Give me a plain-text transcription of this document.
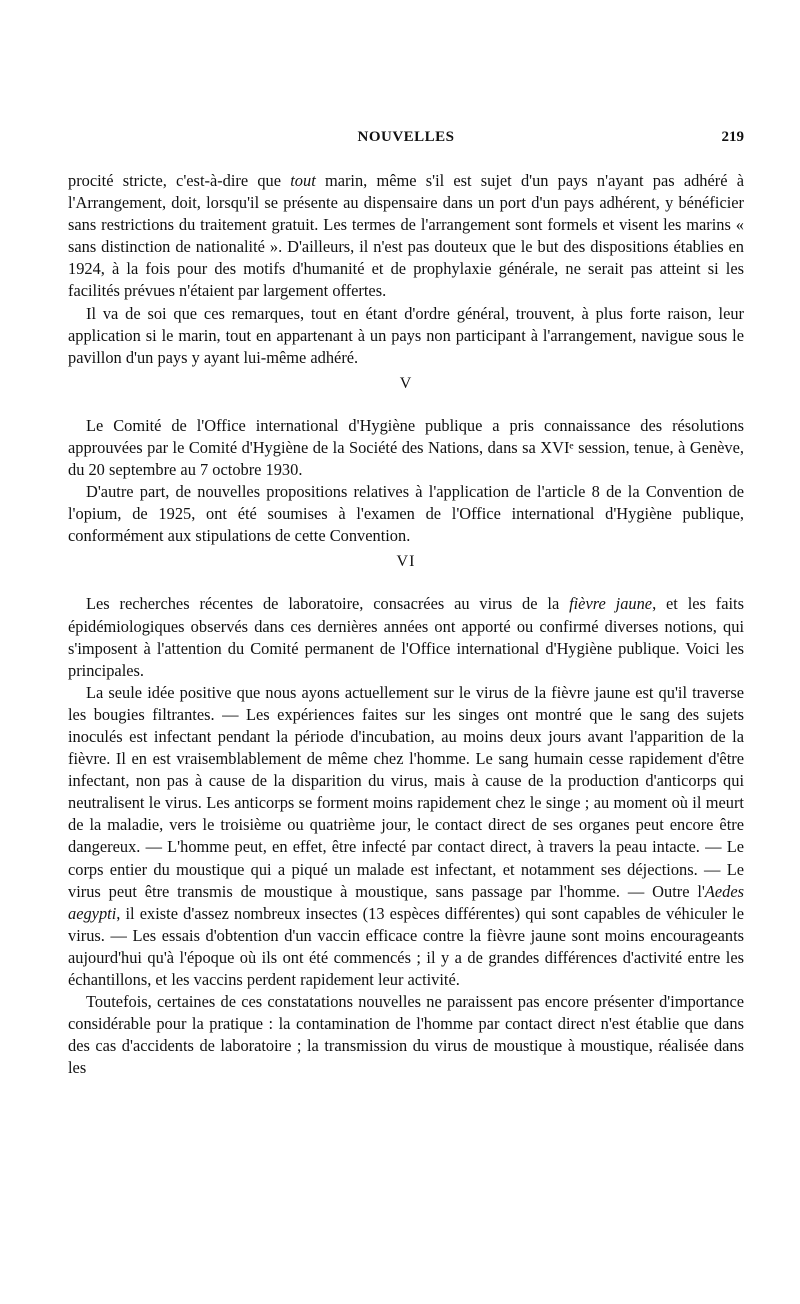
NOUVELLES	219

procité stricte, c'est-à-dire que tout marin, même s'il est sujet d'un pays n'ayant pas adhéré à l'Arrangement, doit, lorsqu'il se présente au dispensaire dans un port d'un pays adhérent, y bénéficier sans restrictions du traitement gratuit. Les termes de l'arrangement sont formels et visent les marins « sans distinction de nationalité ». D'ailleurs, il n'est pas douteux que le but des dispositions établies en 1924, à la fois pour des motifs d'humanité et de prophylaxie générale, ne serait pas atteint si les facilités prévues n'étaient par largement offertes.

Il va de soi que ces remarques, tout en étant d'ordre général, trouvent, à plus forte raison, leur application si le marin, tout en appartenant à un pays non participant à l'arrangement, navigue sous le pavillon d'un pays y ayant lui-même adhéré.

V

Le Comité de l'Office international d'Hygiène publique a pris connaissance des résolutions approuvées par le Comité d'Hygiène de la Société des Nations, dans sa XVIᵉ session, tenue, à Genève, du 20 septembre au 7 octobre 1930.

D'autre part, de nouvelles propositions relatives à l'application de l'article 8 de la Convention de l'opium, de 1925, ont été soumises à l'examen de l'Office international d'Hygiène publique, conformément aux stipulations de cette Convention.

VI

Les recherches récentes de laboratoire, consacrées au virus de la fièvre jaune, et les faits épidémiologiques observés dans ces dernières années ont apporté ou confirmé diverses notions, qui s'imposent à l'attention du Comité permanent de l'Office international d'Hygiène publique. Voici les principales.

La seule idée positive que nous ayons actuellement sur le virus de la fièvre jaune est qu'il traverse les bougies filtrantes. — Les expériences faites sur les singes ont montré que le sang des sujets inoculés est infectant pendant la période d'incubation, au moins deux jours avant l'apparition de la fièvre. Il en est vraisemblablement de même chez l'homme. Le sang humain cesse rapidement d'être infectant, non pas à cause de la disparition du virus, mais à cause de la production d'anticorps qui neutralisent le virus. Les anticorps se forment moins rapidement chez le singe ; au moment où il meurt de la maladie, vers le troisième ou quatrième jour, le contact direct de ses organes peut encore être dangereux. — L'homme peut, en effet, être infecté par contact direct, à travers la peau intacte. — Le corps entier du moustique qui a piqué un malade est infectant, et notamment ses déjections. — Le virus peut être transmis de moustique à moustique, sans passage par l'homme. — Outre l'Aedes aegypti, il existe d'assez nombreux insectes (13 espèces différentes) qui sont capables de véhiculer le virus. — Les essais d'obtention d'un vaccin efficace contre la fièvre jaune sont moins encourageants aujourd'hui qu'à l'époque où ils ont été commencés ; il y a de grandes différences d'activité entre les échantillons, et les vaccins perdent rapidement leur activité.

Toutefois, certaines de ces constatations nouvelles ne paraissent pas encore présenter d'importance considérable pour la pratique : la contamination de l'homme par contact direct n'est établie que dans des cas d'accidents de laboratoire ; la transmission du virus de moustique à moustique, réalisée dans les
